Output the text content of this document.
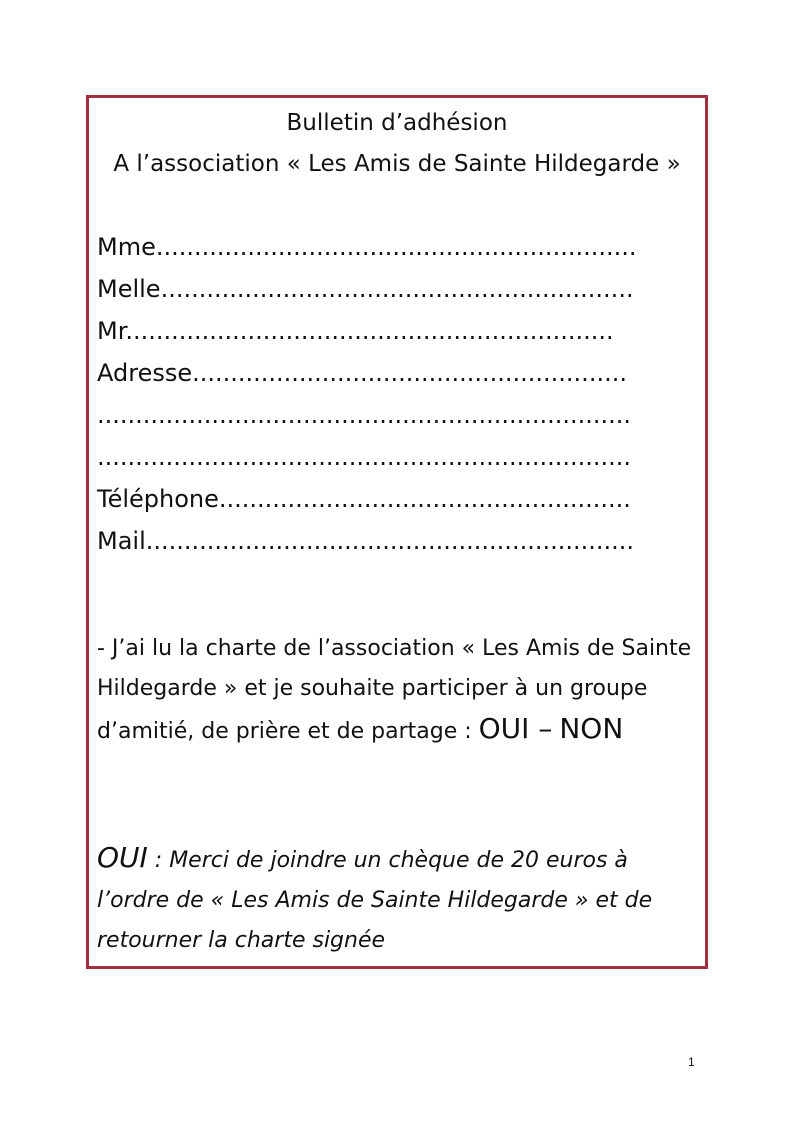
Bulletin d’adhésion
A l’association « Les Amis de Sainte Hildegarde »
Mme...............................................................
Melle..............................................................
Mr................................................................
Adresse.........................................................
......................................................................
......................................................................
Téléphone......................................................
Mail................................................................
- J’ai lu la charte de l’association « Les Amis de Sainte Hildegarde » et je souhaite participer à un groupe d’amitié, de prière et de partage : OUI – NON
OUI : Merci de joindre un chèque de 20 euros à l’ordre de « Les Amis de Sainte Hildegarde » et de retourner la charte signée
1
